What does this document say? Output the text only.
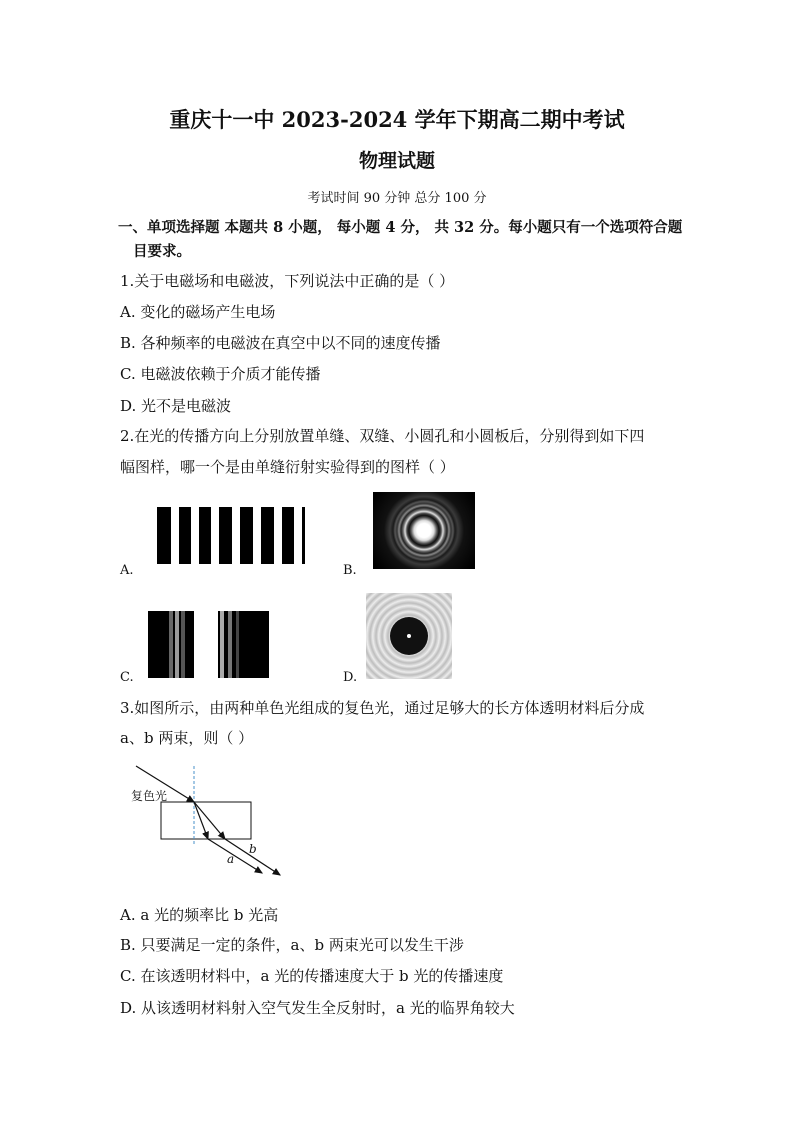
重庆十一中 2023-2024 学年下期高二期中考试
物理试题
考试时间 90 分钟 总分 100 分
一、单项选择题 本题共 8 小题， 每小题 4 分， 共 32 分。每小题只有一个选项符合题
目要求。
1.关于电磁场和电磁波，下列说法中正确的是（ ）
A. 变化的磁场产生电场
B. 各种频率的电磁波在真空中以不同的速度传播
C. 电磁波依赖于介质才能传播
D. 光不是电磁波
2.在光的传播方向上分别放置单缝、双缝、小圆孔和小圆板后，分别得到如下四
幅图样，哪一个是由单缝衍射实验得到的图样（ ）
A.	B.
C.	D.
3.如图所示，由两种单色光组成的复色光，通过足够大的长方体透明材料后分成
a、b 两束，则（ ）
复色光
a
b
A. a 光的频率比 b 光高
B. 只要满足一定的条件，a、b 两束光可以发生干涉
C. 在该透明材料中，a 光的传播速度大于 b 光的传播速度
D. 从该透明材料射入空气发生全反射时，a 光的临界角较大
